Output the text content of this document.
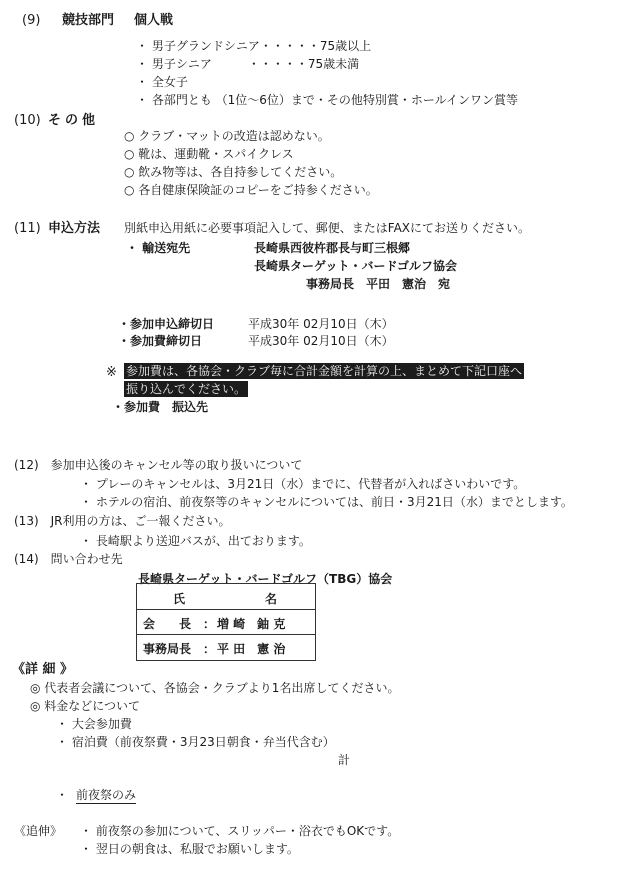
(9) 競技部門 個人戦
・ 男子グランドシニア・・・・・75歳以上
・ 男子シニア　　　・・・・・75歳未満
・ 全女子
・ 各部門とも （1位～6位）まで・その他特別賞・ホールインワン賞等
(10) その他
○ クラブ・マットの改造は認めない。
○ 靴は、運動靴・スパイクレス
○ 飲み物等は、各自持参してください。
○ 各自健康保険証のコピーをご持参ください。
(11) 申込方法 別紙申込用紙に必要事項記入して、郵便、またはFAXにてお送りください。
・ 輸送宛先	長崎県西彼杵郡長与町三根郷
長崎県ターゲット・バードゴルフ協会
事務局長　平田　憲治　宛
・参加申込締切日	平成30年 02月10日（木）
・参加費締切日	平成30年 02月10日（木）
※ 参加費は、各協会・クラブ毎に合計金額を計算の上、まとめて下記口座へ
振り込んでください。
・参加費　振込先
(12)　参加申込後のキャンセル等の取り扱いについて
・ プレーのキャンセルは、3月21日（水）までに、代替者が入ればさいわいです。
・ ホテルの宿泊、前夜祭等のキャンセルについては、前日・3月21日（水）までとします。
(13)　JR利用の方は、ご一報ください。
・ 長崎駅より送迎バスが、出ております。
(14)　問い合わせ先
長崎県ターゲット・バードゴルフ（TBG）協会
氏	名
会　　長 ： 増 崎　鈾 克
事務局長 ： 平 田　憲 治
《詳 細 》
◎ 代表者会議について、各協会・クラブより1名出席してください。
◎ 料金などについて
・ 大会参加費
・ 宿泊費（前夜祭費・3月23日朝食・弁当代含む）
計
・ 前夜祭のみ
《追伸》 ・ 前夜祭の参加について、スリッパー・浴衣でもOKです。
・ 翌日の朝食は、私服でお願いします。
